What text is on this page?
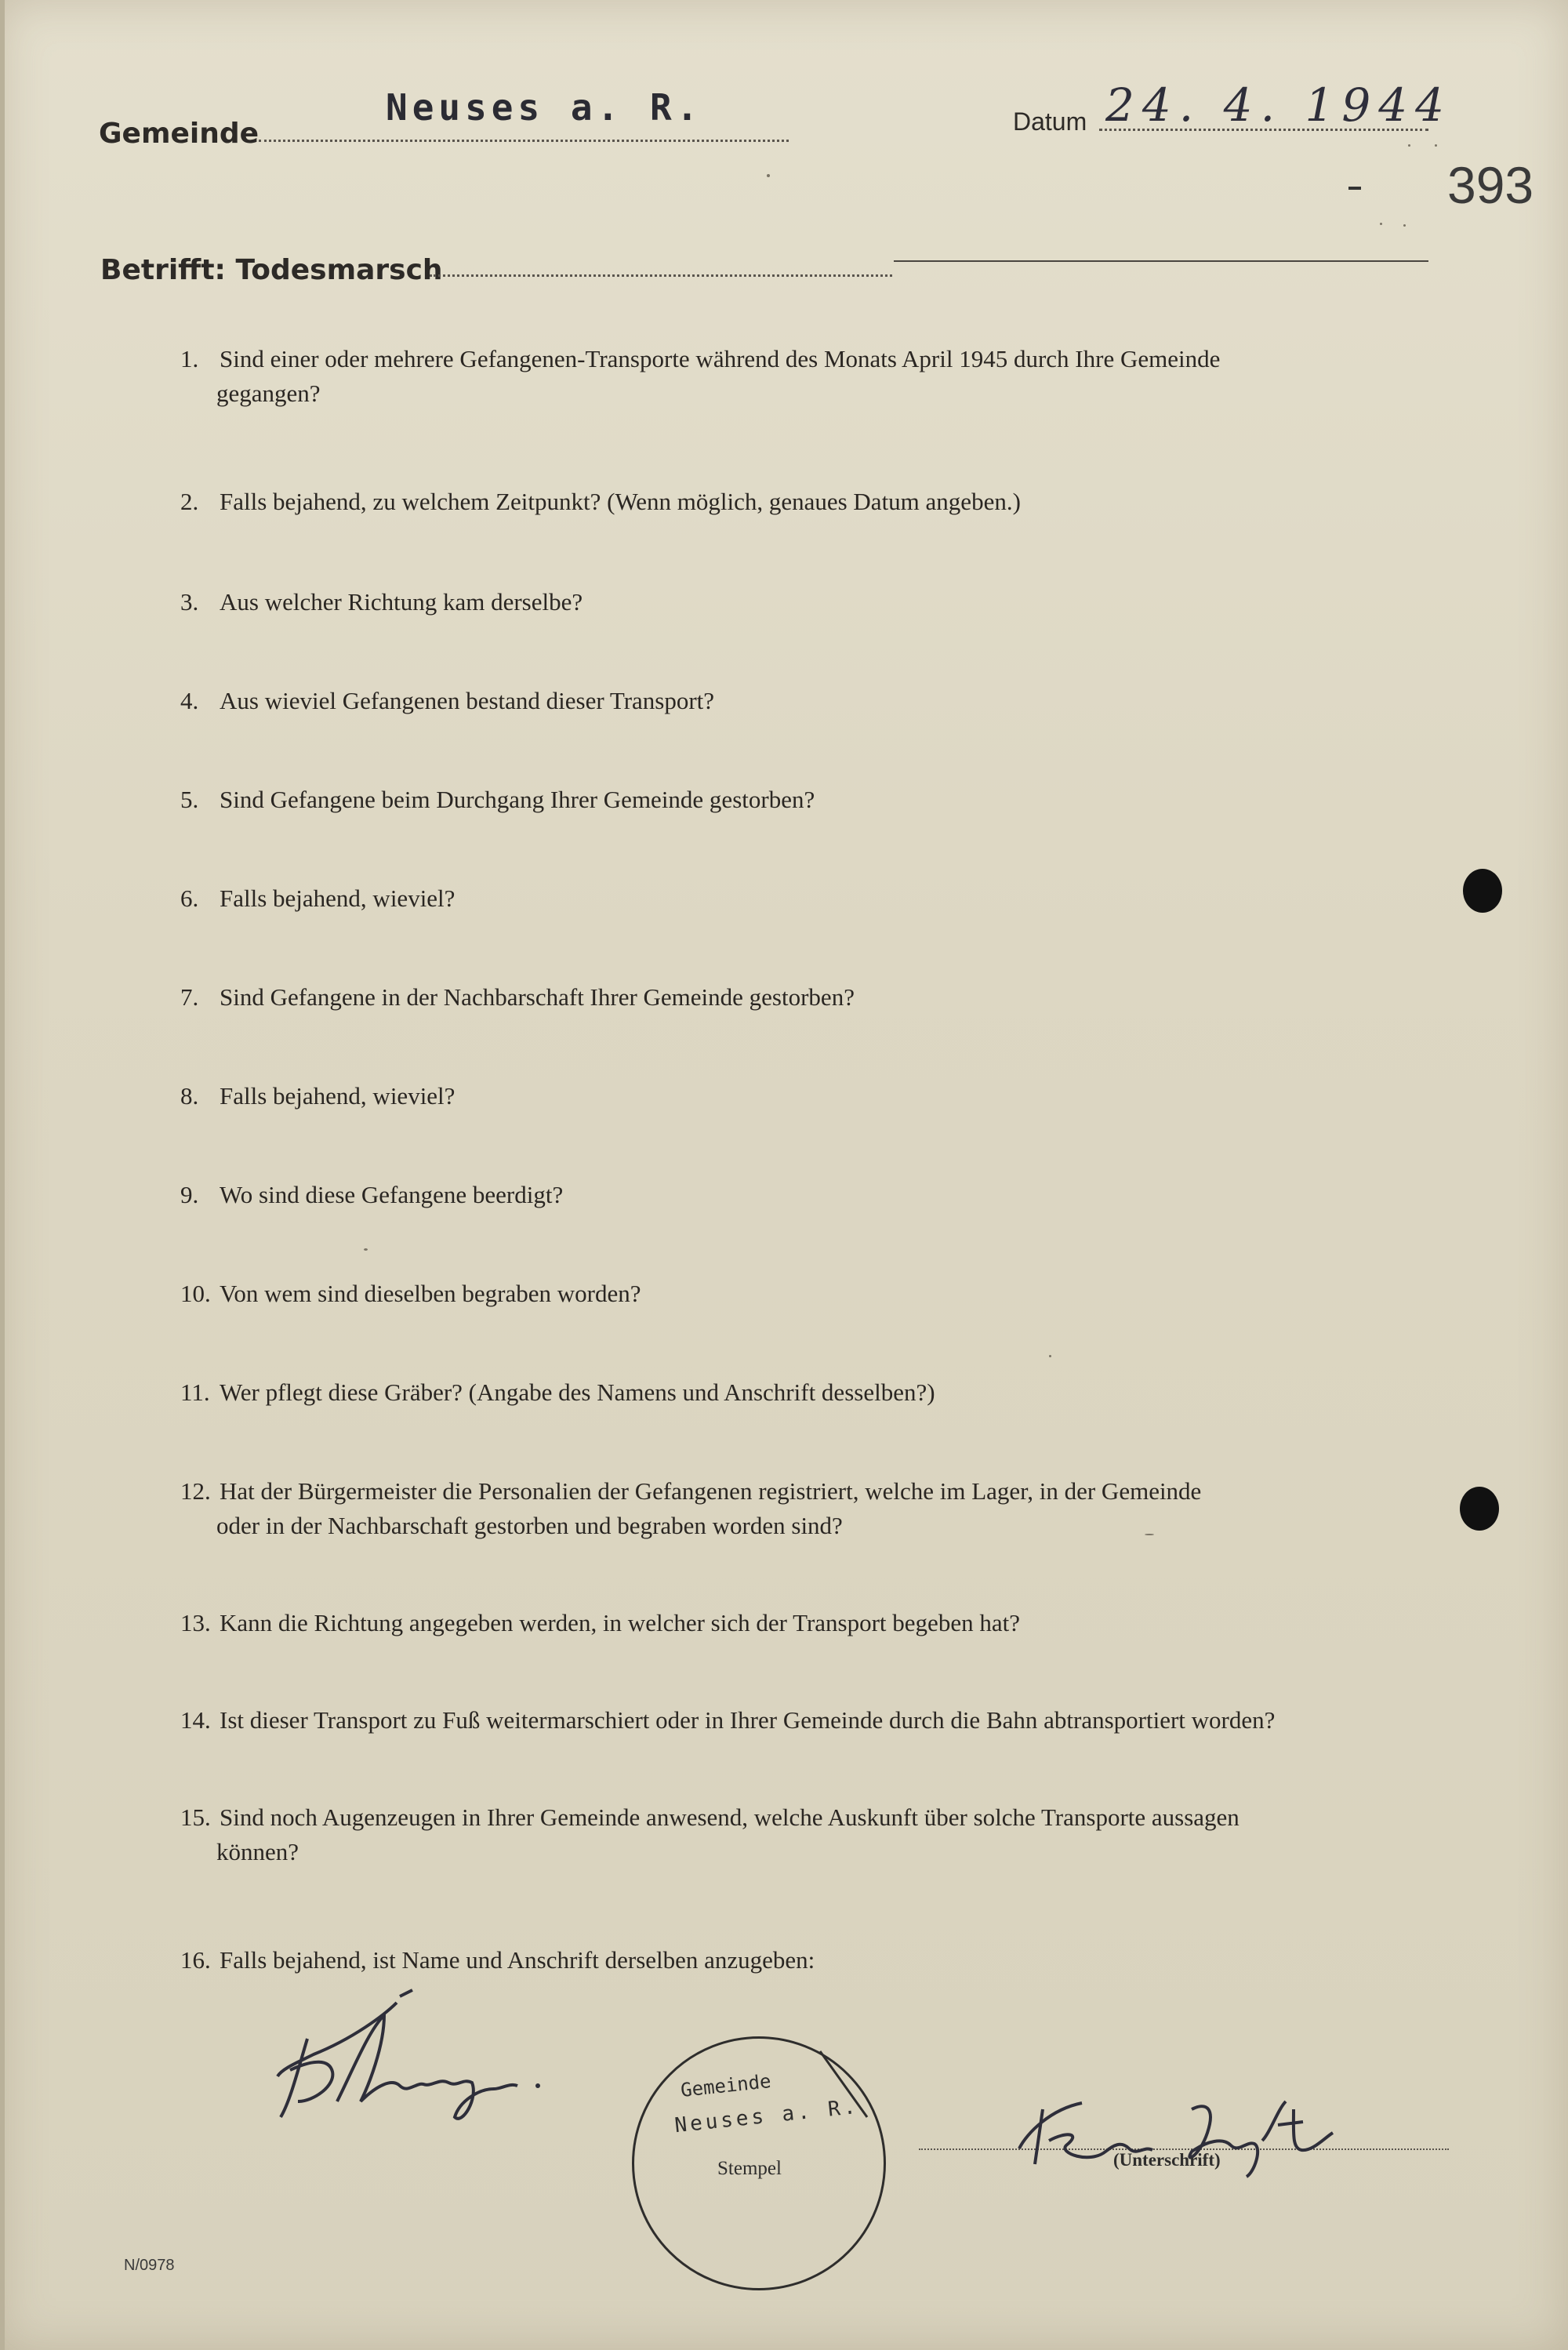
Gemeinde
Neuses a. R.	Datum 24. 4. 1944
393
Betrifft: Todesmarsch
1. Sind einer oder mehrere Gefangenen-Transporte während des Monats April 1945 durch Ihre Gemeinde
gegangen?
2. Falls bejahend, zu welchem Zeitpunkt? (Wenn möglich, genaues Datum angeben.)
3. Aus welcher Richtung kam derselbe?
4. Aus wieviel Gefangenen bestand dieser Transport?
5. Sind Gefangene beim Durchgang Ihrer Gemeinde gestorben?
6. Falls bejahend, wieviel?
7. Sind Gefangene in der Nachbarschaft Ihrer Gemeinde gestorben?
8. Falls bejahend, wieviel?
9. Wo sind diese Gefangene beerdigt?
10. Von wem sind dieselben begraben worden?
11. Wer pflegt diese Gräber? (Angabe des Namens und Anschrift desselben?)
12. Hat der Bürgermeister die Personalien der Gefangenen registriert, welche im Lager, in der Gemeinde
oder in der Nachbarschaft gestorben und begraben worden sind?
13. Kann die Richtung angegeben werden, in welcher sich der Transport begeben hat?
14. Ist dieser Transport zu Fuß weitermarschiert oder in Ihrer Gemeinde durch die Bahn abtransportiert worden?
15. Sind noch Augenzeugen in Ihrer Gemeinde anwesend, welche Auskunft über solche Transporte aussagen
können?
16. Falls bejahend, ist Name und Anschrift derselben anzugeben:
Gemeinde
Neuses a. R.
Stempel	(Unterschrift)
N/0978
